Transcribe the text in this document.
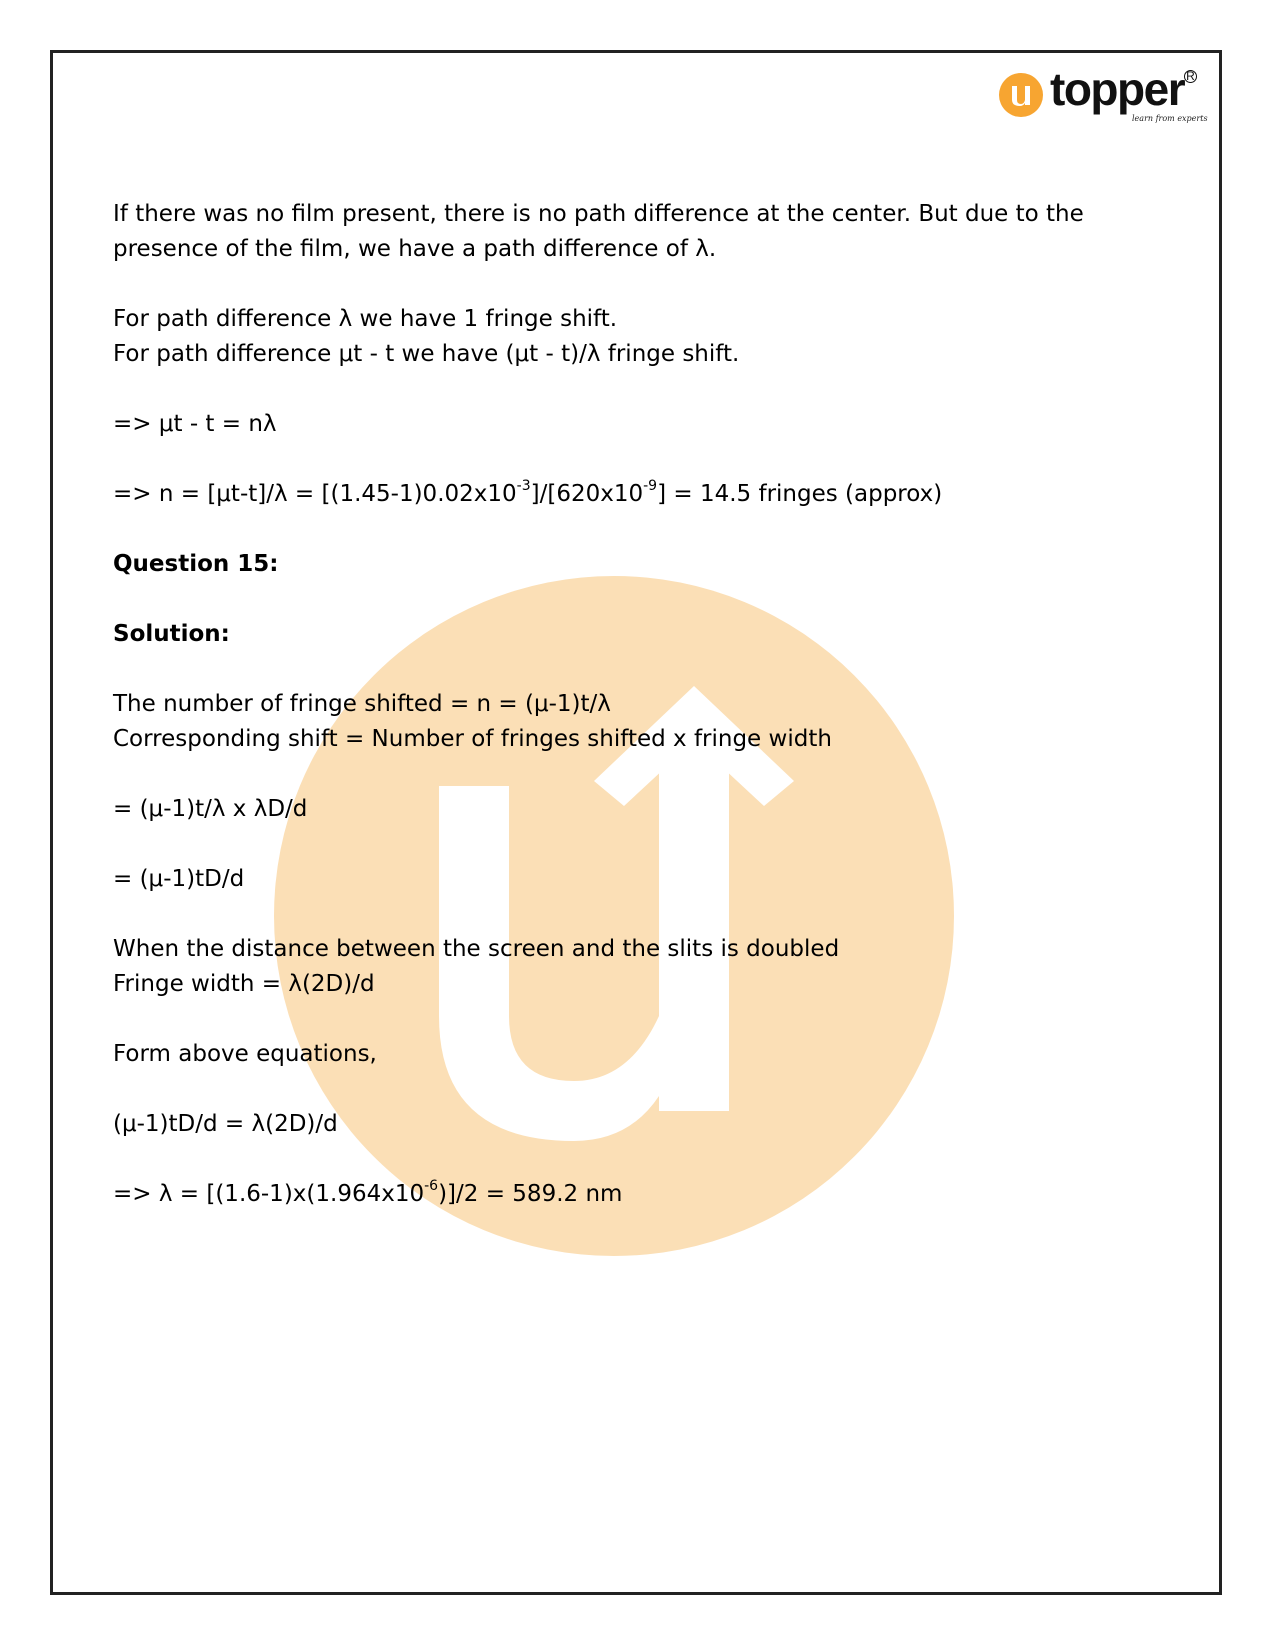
topper R
learn from experts

If there was no film present, there is no path difference at the center. But due to the

presence of the film, we have a path difference of λ.

For path difference λ we have 1 fringe shift.

For path difference μt - t we have (μt - t)/λ fringe shift.

=> μt - t = nλ

=> $n = [\mu t-t]/\lambda = [(1.45-1)0.02x10^{-3}]/[620x10^{-9}] = 14.5$ fringes (approx)

Question 15:

Solution:

The number of fringe shifted = n = (μ-1)t/λ

Corresponding shift = Number of fringes shifted x fringe width

= (μ-1)t/λ x λD/d

= (μ-1)tD/d

When the distance between the screen and the slits is doubled

Fringe width = λ(2D)/d

Form above equations,

(μ-1)tD/d = λ(2D)/d

=> $\lambda = [(1.6-1)x(1.964x10^{-6})]/2 = 589.2$ nm
